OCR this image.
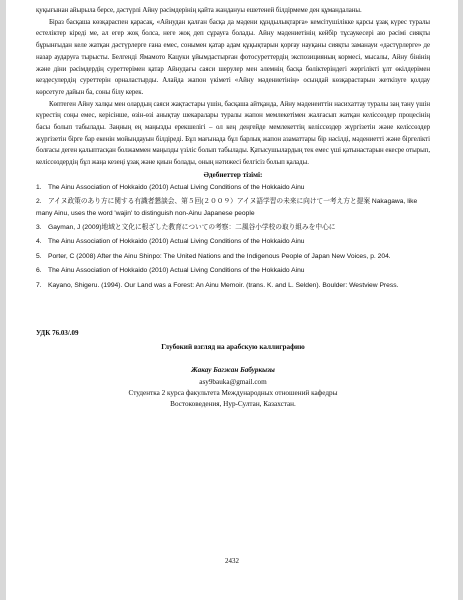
қуқығынан айырыла берсе, дәстүрлі Айну рәсімдерінің қайта жандануы ешетеней білдірмеме ден құмандаланы.

Біраз басқаша көзқараспен қарасақ, «Айнудан қалған басқа да мәдени құндылықтарға» кемсітушілікке қарсы ұзақ күрес туралы естеліктер кіреді ме, ал егер жоқ болса, неге жоқ деп сұрауға болады. Айну мәдениетінің кейбір тұсаукесері аю рәсімі сияқты бұрынғыдан келе жатқан дәстүрлерге ғана емес, сонымен қатар адам құқықтарын қорғау науқаны сияқты заманауи «дәстүрлерге» де назар аударуға тырысты. Белгенді Ямамото Кацуки ұйымдастырған фотосуреттердің экспозицияның кормесі, мысалы, Айну бінінің және діни рәсімдердің суреттерімен қатар Айнудағы саяси шерулер мен әлемнің басқа бөліктеріндегі жергілікті ұлт өкілдерімен кездесулердің суреттерін орналастырды. Алайда жапон үкіметі «Айну мәдениетінің» осындай көзқарастарын жеткізуге қолдау көрсетуге дайын ба, соны білу керек.

Көптеген Айну халқы мен олардың саяси жақтастары үшін, басқаша айтқанда, Айну мәденеиттін насихаттау туралы заң тану үшін күрестің соңы емес, керісінше, өзін-өзі анықтау шекаралары туралы жапон мемлекетімен жалғасып жатқан келіссөздер процесінің басы болып табылады. Заңның ең маңызды ерекшелігі – ол кең деңгейде мемлекеттің келіссөздер жүргізетін және келіссөздер жүргізетін бірге бар екенін мойындауын білдіреді. Бұл мағынада бұл барлық жапон азаматтары бір нәсілді, мәдениетті және біргелікті болғасы деген қалыптасқан болжаммен маңызды үзіліс болып табылады. Қатысушылардың тек емес үші қатынастарын екесре отырып, келіссөздердің бұл жаңа кезеңі ұзақ және қиын болады, оның нәтижесі белгісіз болып қалады.

Әдебиеттер тізімі:
1. The Ainu Association of Hokkaido (2010) Actual Living Conditions of the Hokkaido Ainu
2. アイヌ政策のあり方に関する有識者懇談会、第５回(２００９）アイヌ語学習の未来に向けて一考え方と提案 Nakagawa, like many Ainu, uses the word 'wajin' to distinguish non-Ainu Japanese people
3. Gayman, J (2009)地域と文化に根ざした教育についての考察：二風谷小学校の取り組みを中心に
4. The Ainu Association of Hokkaido (2010) Actual Living Conditions of the Hokkaido Ainu
5. Porter, C (2008) After the Ainu Shinpo: The United Nations and the Indigenous People of Japan New Voices, p. 204.
6. The Ainu Association of Hokkaido (2010) Actual Living Conditions of the Hokkaido Ainu
7. Kayano, Shigeru. (1994). Our Land was a Forest: An Ainu Memoir. (trans. K. and L. Selden). Boulder: Westview Press.
УДК 76.03/.09
Глубокий взгляд на арабскую каллиграфию
Жакау Багжан Бабуркызы
asy9bauka@gmail.com
Студентка 2 курса факультета Международных отношений кафедры
Востоковедения, Нур-Султан, Казахстан.
2432
